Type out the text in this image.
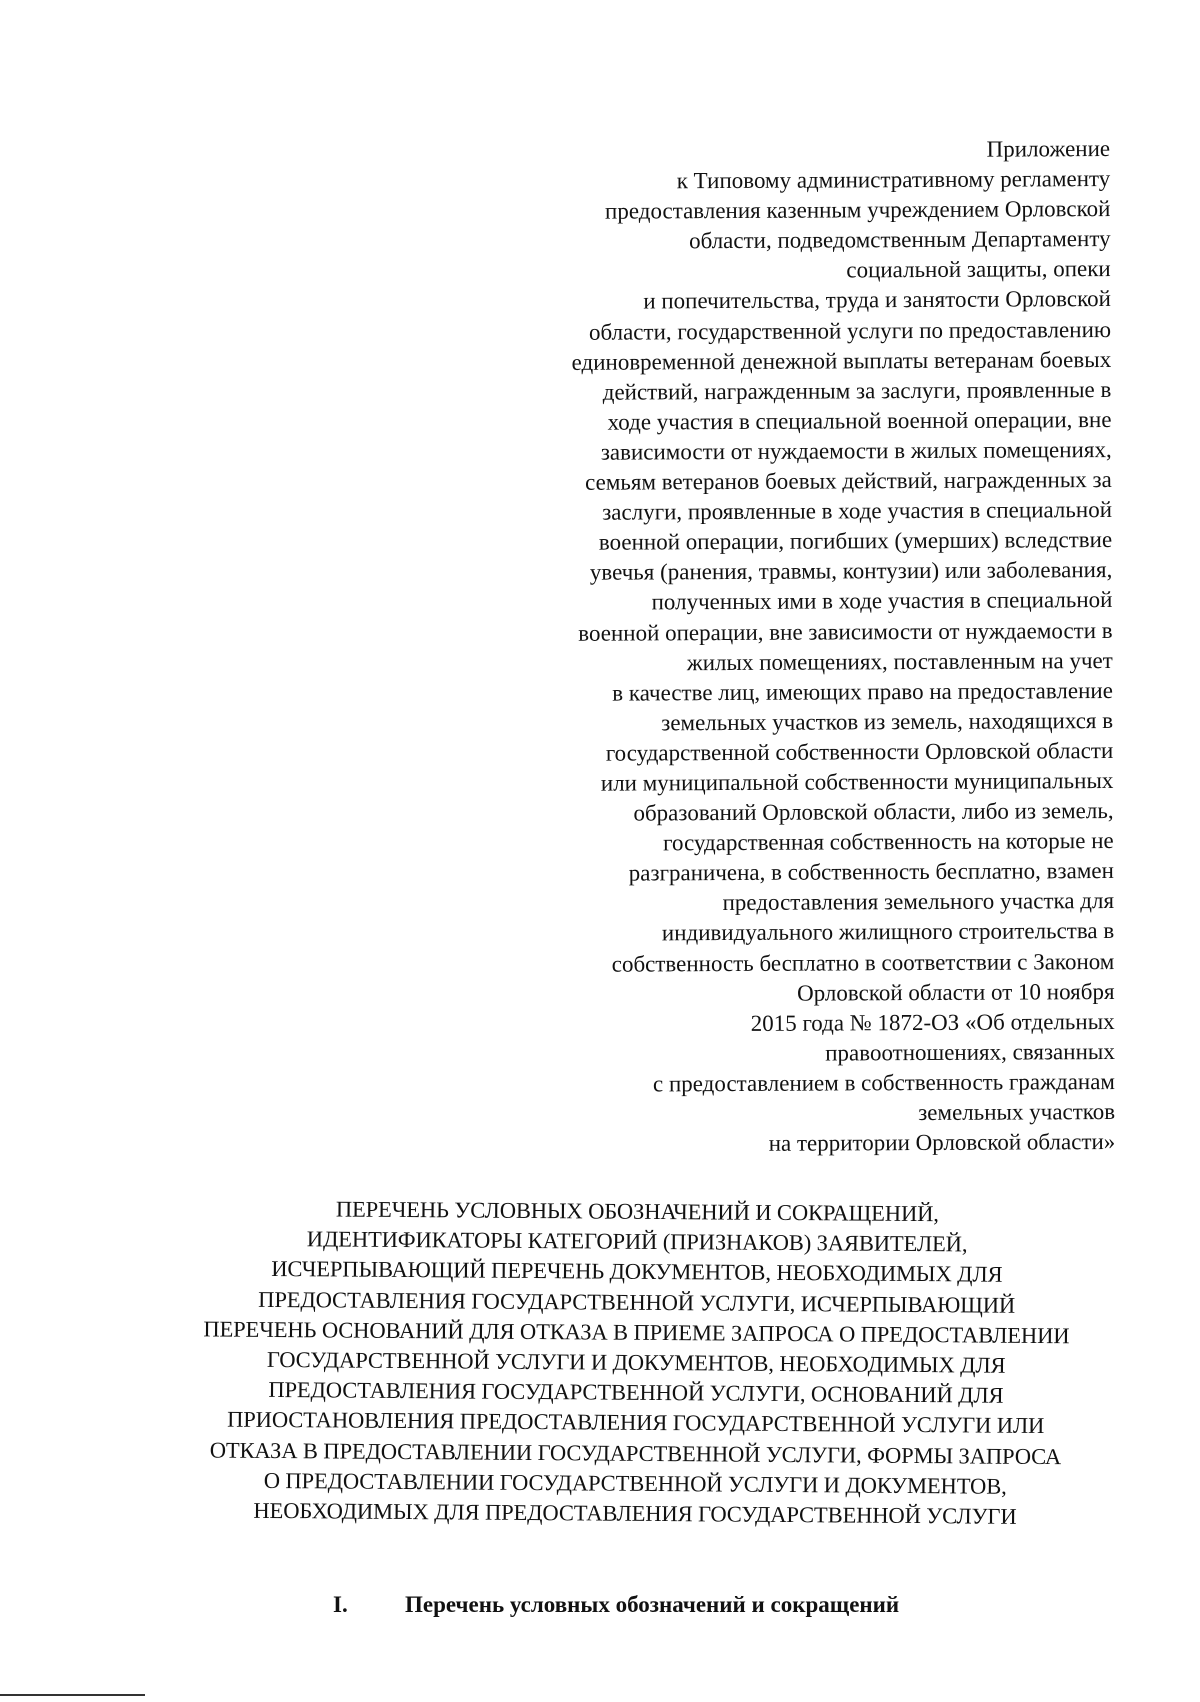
Приложение
к Типовому административному регламенту
предоставления казенным учреждением Орловской
области, подведомственным Департаменту
социальной защиты, опеки
и попечительства, труда и занятости Орловской
области, государственной услуги по предоставлению
единовременной денежной выплаты ветеранам боевых
действий, награжденным за заслуги, проявленные в
ходе участия в специальной военной операции, вне
зависимости от нуждаемости в жилых помещениях,
семьям ветеранов боевых действий, награжденных за
заслуги, проявленные в ходе участия в специальной
военной операции, погибших (умерших) вследствие
увечья (ранения, травмы, контузии) или заболевания,
полученных ими в ходе участия в специальной
военной операции, вне зависимости от нуждаемости в
жилых помещениях, поставленным на учет
в качестве лиц, имеющих право на предоставление
земельных участков из земель, находящихся в
государственной собственности Орловской области
или муниципальной собственности муниципальных
образований Орловской области, либо из земель,
государственная собственность на которые не
разграничена, в собственность бесплатно, взамен
предоставления земельного участка для
индивидуального жилищного строительства в
собственность бесплатно в соответствии с Законом
Орловской области от 10 ноября
2015 года № 1872-ОЗ «Об отдельных
правоотношениях, связанных
с предоставлением в собственность гражданам
земельных участков
на территории Орловской области»
ПЕРЕЧЕНЬ УСЛОВНЫХ ОБОЗНАЧЕНИЙ И СОКРАЩЕНИЙ,
ИДЕНТИФИКАТОРЫ КАТЕГОРИЙ (ПРИЗНАКОВ) ЗАЯВИТЕЛЕЙ,
ИСЧЕРПЫВАЮЩИЙ ПЕРЕЧЕНЬ ДОКУМЕНТОВ, НЕОБХОДИМЫХ ДЛЯ
ПРЕДОСТАВЛЕНИЯ ГОСУДАРСТВЕННОЙ УСЛУГИ, ИСЧЕРПЫВАЮЩИЙ
ПЕРЕЧЕНЬ ОСНОВАНИЙ ДЛЯ ОТКАЗА В ПРИЕМЕ ЗАПРОСА О ПРЕДОСТАВЛЕНИИ
ГОСУДАРСТВЕННОЙ УСЛУГИ И ДОКУМЕНТОВ, НЕОБХОДИМЫХ ДЛЯ
ПРЕДОСТАВЛЕНИЯ ГОСУДАРСТВЕННОЙ УСЛУГИ, ОСНОВАНИЙ ДЛЯ
ПРИОСТАНОВЛЕНИЯ ПРЕДОСТАВЛЕНИЯ ГОСУДАРСТВЕННОЙ УСЛУГИ ИЛИ
ОТКАЗА В ПРЕДОСТАВЛЕНИИ ГОСУДАРСТВЕННОЙ УСЛУГИ, ФОРМЫ ЗАПРОСА
О ПРЕДОСТАВЛЕНИИ ГОСУДАРСТВЕННОЙ УСЛУГИ И ДОКУМЕНТОВ,
НЕОБХОДИМЫХ ДЛЯ ПРЕДОСТАВЛЕНИЯ ГОСУДАРСТВЕННОЙ УСЛУГИ
I. Перечень условных обозначений и сокращений
